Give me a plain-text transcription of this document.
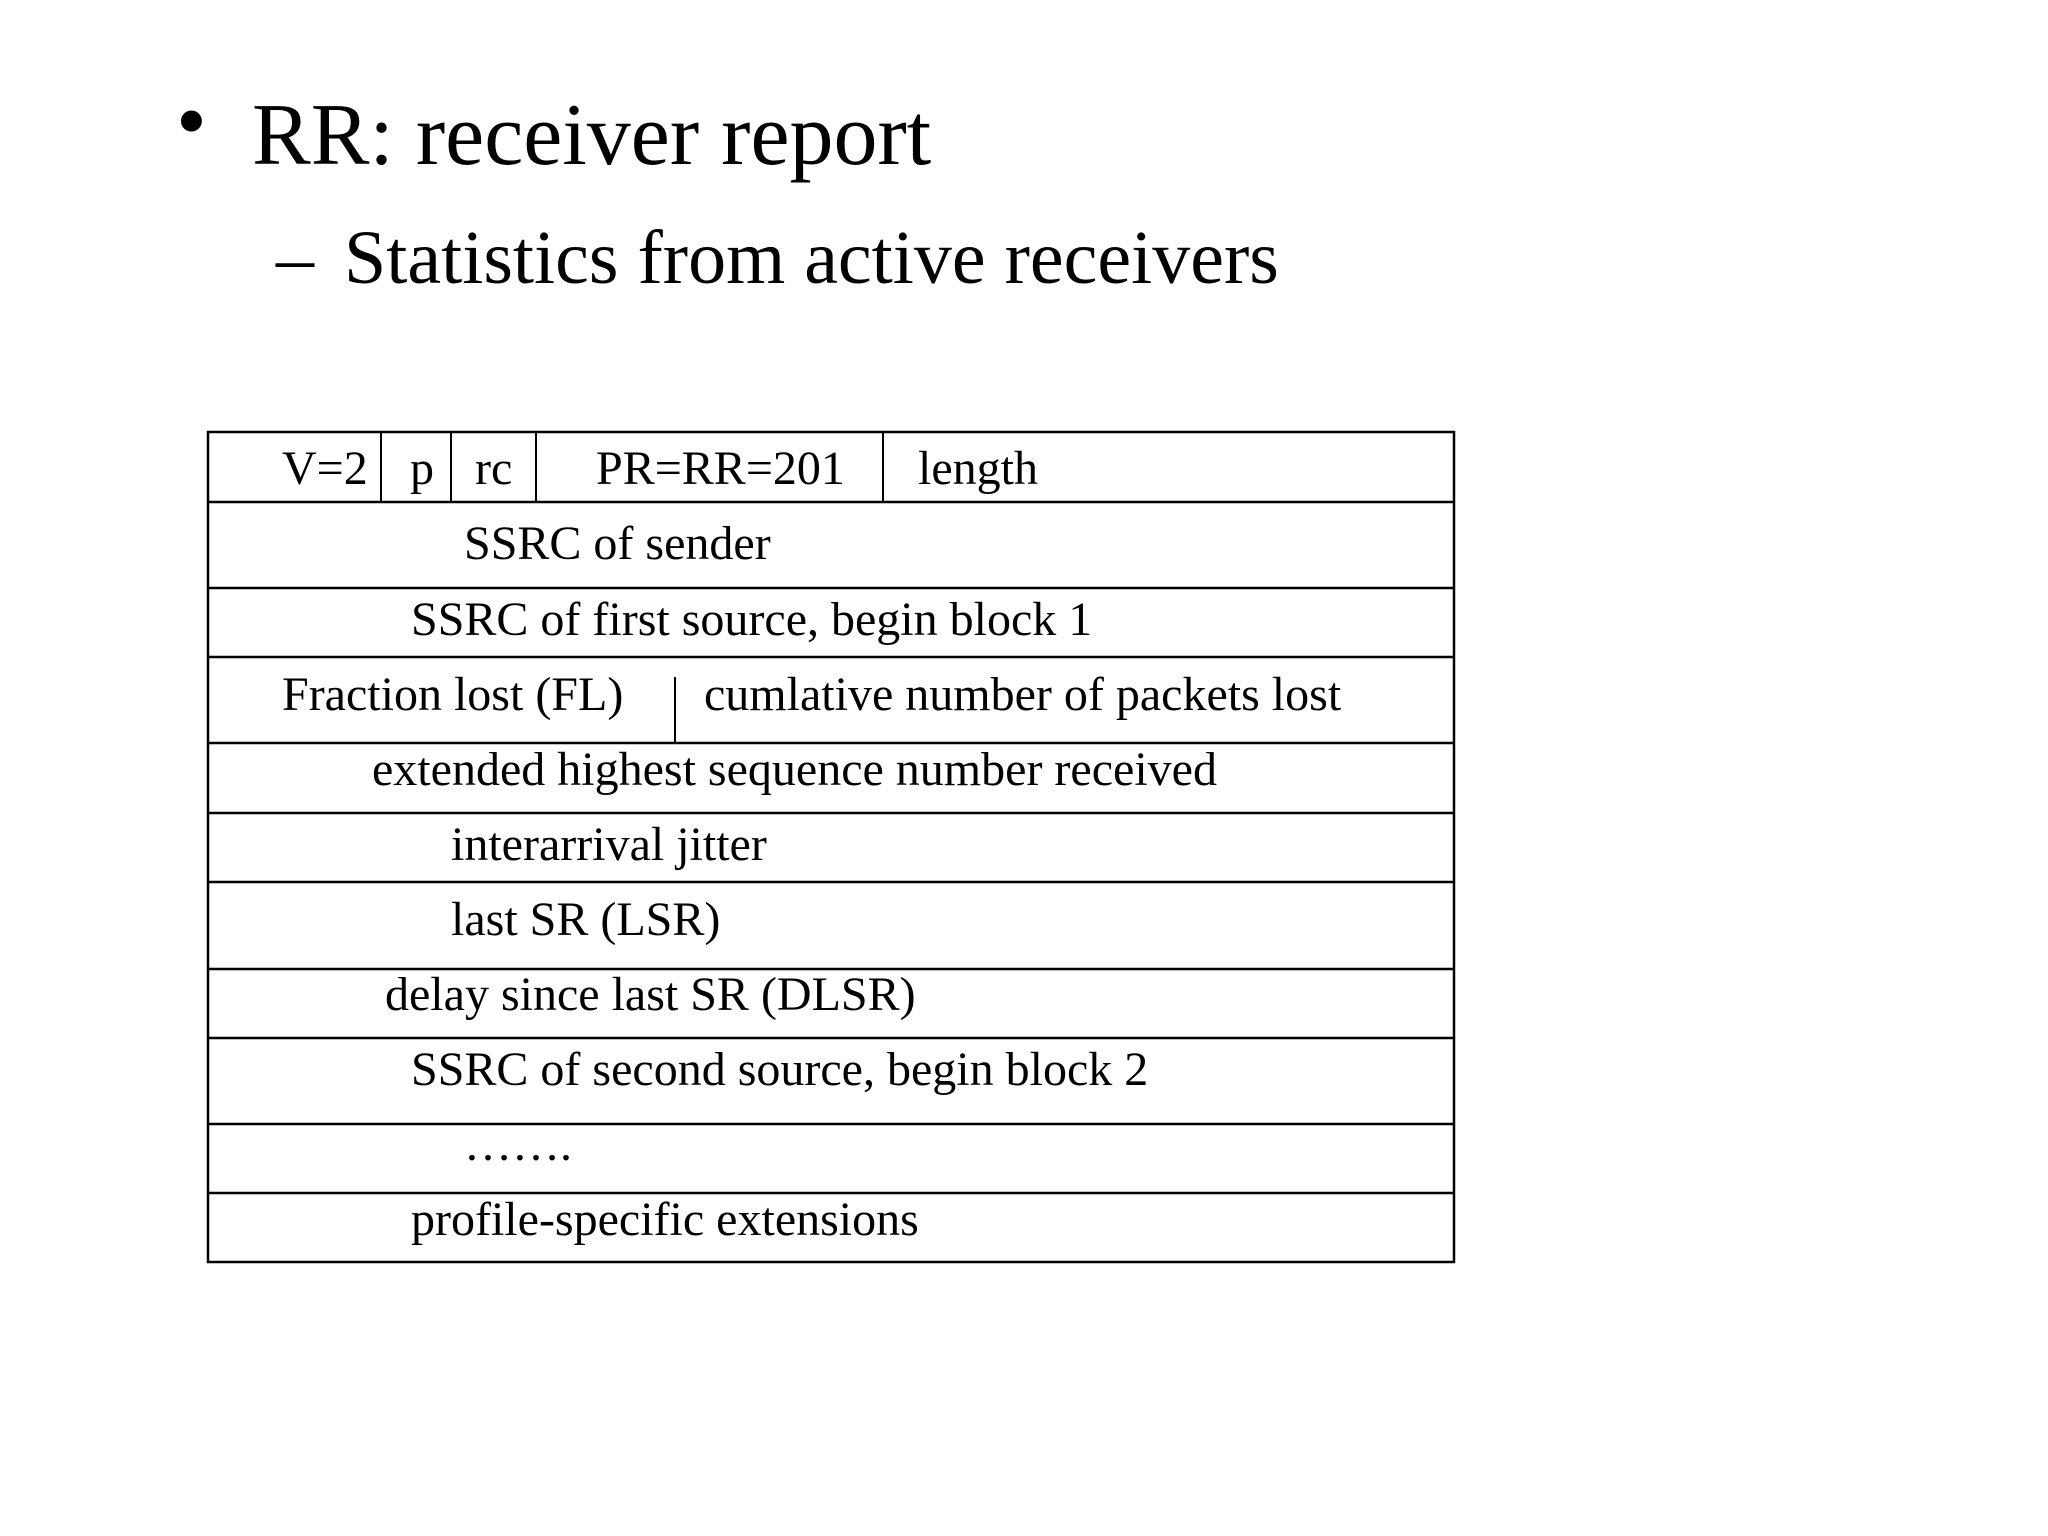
• RR: receiver report
– Statistics from active receivers
V=2 p rc PR=RR=201 length
SSRC of sender
SSRC of first source, begin block 1
Fraction lost (FL) cumlative number of packets lost
extended highest sequence number received
interarrival jitter
last SR (LSR)
delay since last SR (DLSR)
SSRC of second source, begin block 2
…….
profile-specific extensions
